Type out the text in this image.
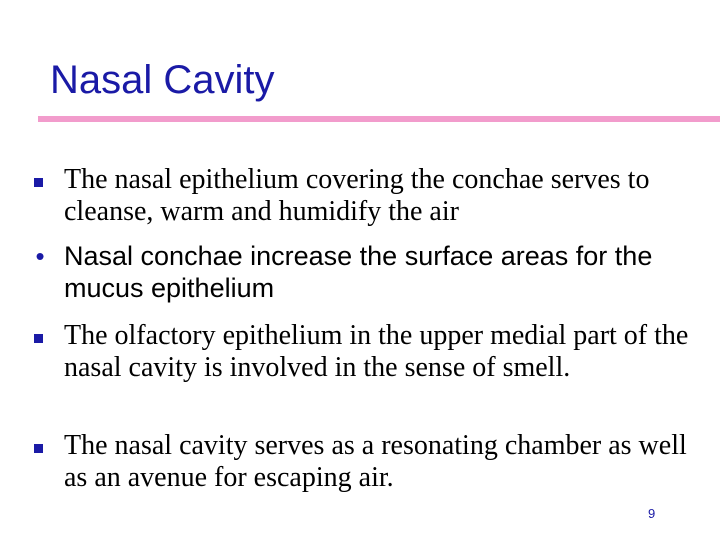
Nasal Cavity
The nasal epithelium covering the conchae serves to cleanse, warm and humidify the air
• Nasal conchae increase the surface areas for the mucus epithelium
The olfactory epithelium in the upper medial part of the nasal cavity is involved in the sense of smell.
The nasal cavity serves as a resonating chamber as well as an avenue for escaping air.
9
